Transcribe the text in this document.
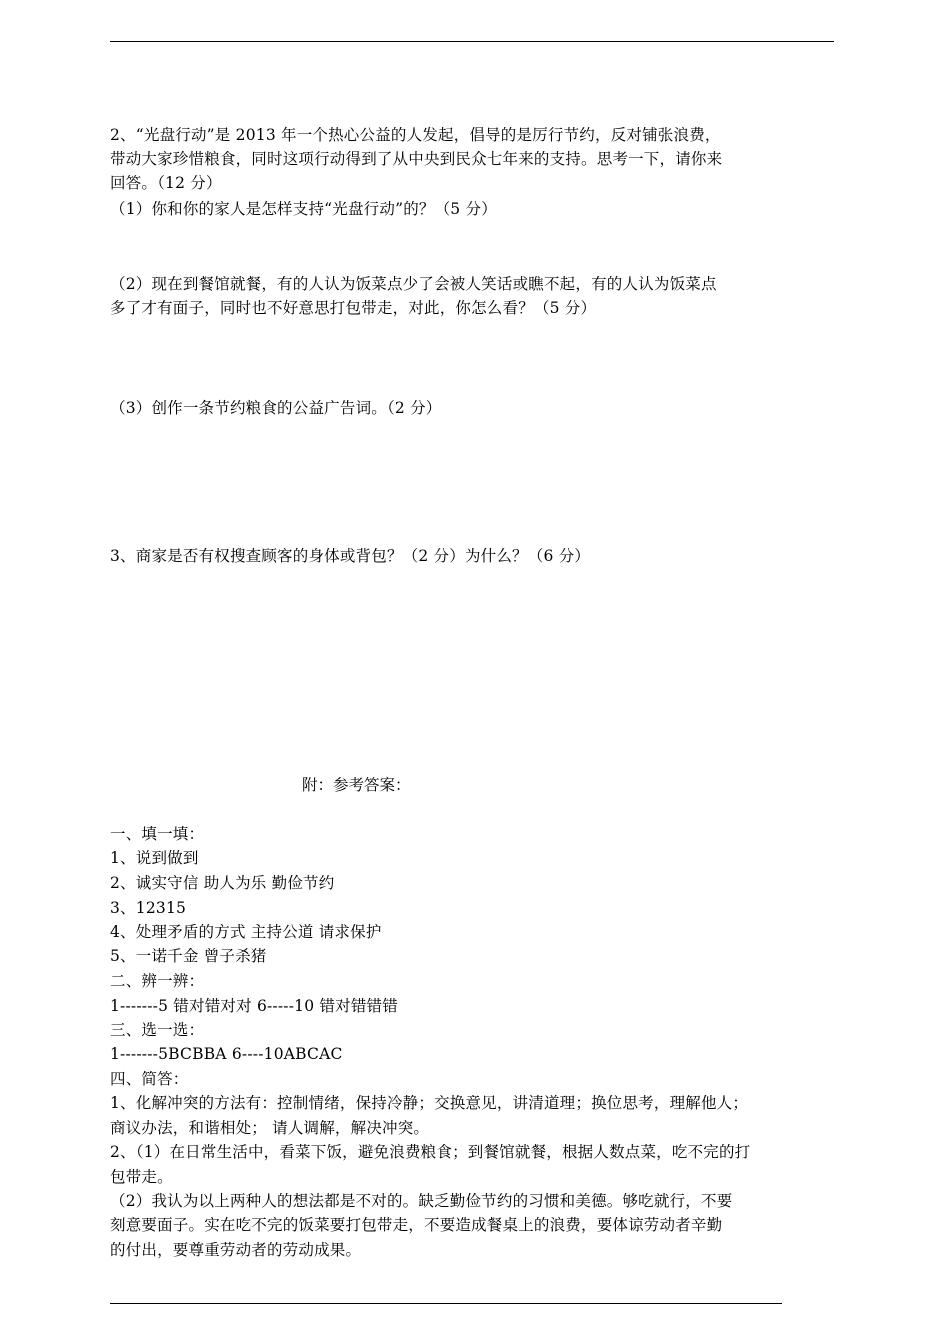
2、“光盘行动”是 2013 年一个热心公益的人发起，倡导的是厉行节约，反对铺张浪费，
带动大家珍惜粮食，同时这项行动得到了从中央到民众七年来的支持。思考一下，请你来
回答。（12 分）
（1）你和你的家人是怎样支持“光盘行动”的？（5 分）
（2）现在到餐馆就餐，有的人认为饭菜点少了会被人笑话或瞧不起，有的人认为饭菜点
多了才有面子，同时也不好意思打包带走，对此，你怎么看？（5 分）
（3）创作一条节约粮食的公益广告词。（2 分）
3、商家是否有权搜查顾客的身体或背包？（2 分）为什么？（6 分）
附：参考答案：
一、填一填：
1、说到做到
2、诚实守信 助人为乐 勤俭节约
3、12315
4、处理矛盾的方式 主持公道 请求保护
5、一诺千金 曾子杀猪
二、辨一辨：
1-------5 错对错对对 6-----10 错对错错错
三、选一选：
1-------5BCBBA 6----10ABCAC
四、简答：
1、化解冲突的方法有：控制情绪，保持冷静；交换意见，讲清道理；换位思考，理解他人；
商议办法，和谐相处； 请人调解，解决冲突。
2、（1）在日常生活中，看菜下饭，避免浪费粮食；到餐馆就餐，根据人数点菜，吃不完的打
包带走。
（2）我认为以上两种人的想法都是不对的。缺乏勤俭节约的习惯和美德。够吃就行，不要
刻意要面子。实在吃不完的饭菜要打包带走，不要造成餐桌上的浪费，要体谅劳动者辛勤
的付出，要尊重劳动者的劳动成果。
